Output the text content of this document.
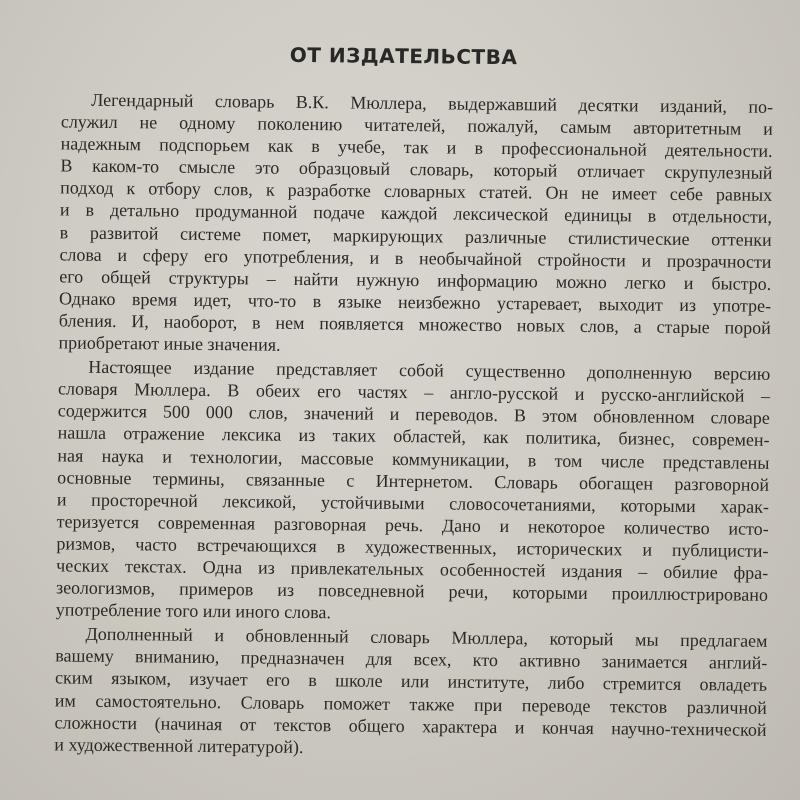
ОТ ИЗДАТЕЛЬСТВА
Легендарный словарь В.К. Мюллера, выдержавший десятки изданий, по-
служил не одному поколению читателей, пожалуй, самым авторитетным и
надежным подспорьем как в учебе, так и в профессиональной деятельности.
В каком-то смысле это образцовый словарь, который отличает скрупулезный
подход к отбору слов, к разработке словарных статей. Он не имеет себе равных
и в детально продуманной подаче каждой лексической единицы в отдельности,
в развитой системе помет, маркирующих различные стилистические оттенки
слова и сферу его употребления, и в необычайной стройности и прозрачности
его общей структуры – найти нужную информацию можно легко и быстро.
Однако время идет, что-то в языке неизбежно устаревает, выходит из употре-
бления. И, наоборот, в нем появляется множество новых слов, а старые порой
приобретают иные значения.
Настоящее издание представляет собой существенно дополненную версию
словаря Мюллера. В обеих его частях – англо-русской и русско-английской –
содержится 500 000 слов, значений и переводов. В этом обновленном словаре
нашла отражение лексика из таких областей, как политика, бизнес, современ-
ная наука и технологии, массовые коммуникации, в том числе представлены
основные термины, связанные с Интернетом. Словарь обогащен разговорной
и просторечной лексикой, устойчивыми словосочетаниями, которыми харак-
теризуется современная разговорная речь. Дано и некоторое количество исто-
ризмов, часто встречающихся в художественных, исторических и публицисти-
ческих текстах. Одна из привлекательных особенностей издания – обилие фра-
зеологизмов, примеров из повседневной речи, которыми проиллюстрировано
употребление того или иного слова.
Дополненный и обновленный словарь Мюллера, который мы предлагаем
вашему вниманию, предназначен для всех, кто активно занимается англий-
ским языком, изучает его в школе или институте, либо стремится овладеть
им самостоятельно. Словарь поможет также при переводе текстов различной
сложности (начиная от текстов общего характера и кончая научно-технической
и художественной литературой).
